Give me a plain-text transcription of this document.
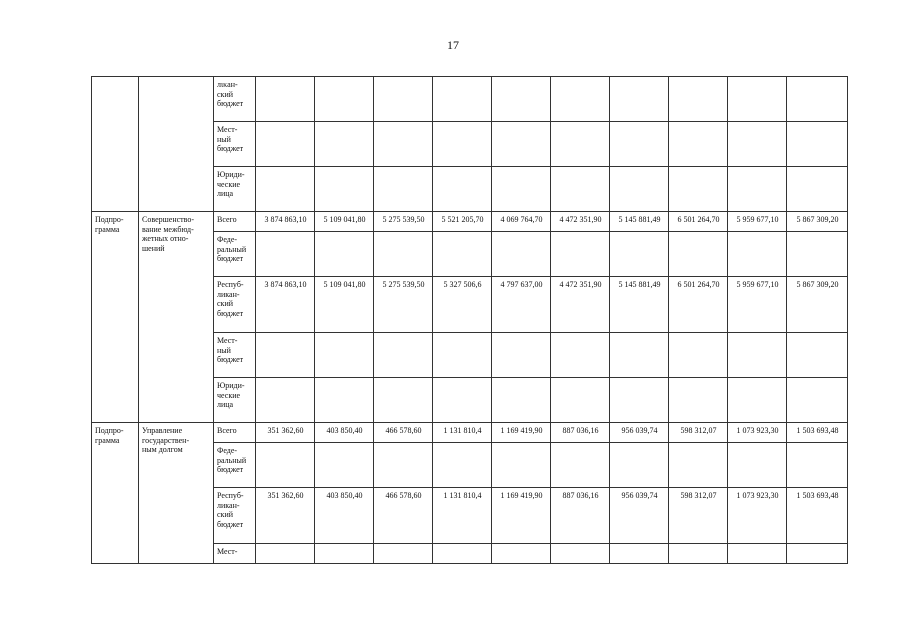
17
		лικан-
ский
бюджет										
		Мест-
ный
бюджет										
		Юриди-
ческие
лица										
Подпро-
грамма	Совершенство-
вание межбюд-
жетных отно-
шений	Всего	3 874 863,10	5 109 041,80	5 275 539,50	5 521 205,70	4 069 764,70	4 472 351,90	5 145 881,49	6 501 264,70	5 959 677,10	5 867 309,20
		Феде-
ральный
бюджет										
		Респуб-
ликан-
ский
бюджет	3 874 863,10	5 109 041,80	5 275 539,50	5 327 506,6	4 797 637,00	4 472 351,90	5 145 881,49	6 501 264,70	5 959 677,10	5 867 309,20
		Мест-
ный
бюджет										
		Юриди-
ческие
лица										
Подпро-
грамма	Управление
государствен-
ным долгом	Всего	351 362,60	403 850,40	466 578,60	1 131 810,4	1 169 419,90	887 036,16	956 039,74	598 312,07	1 073 923,30	1 503 693,48
		Феде-
ральный
бюджет										
		Респуб-
ликан-
ский
бюджет	351 362,60	403 850,40	466 578,60	1 131 810,4	1 169 419,90	887 036,16	956 039,74	598 312,07	1 073 923,30	1 503 693,48
		Мест-										
